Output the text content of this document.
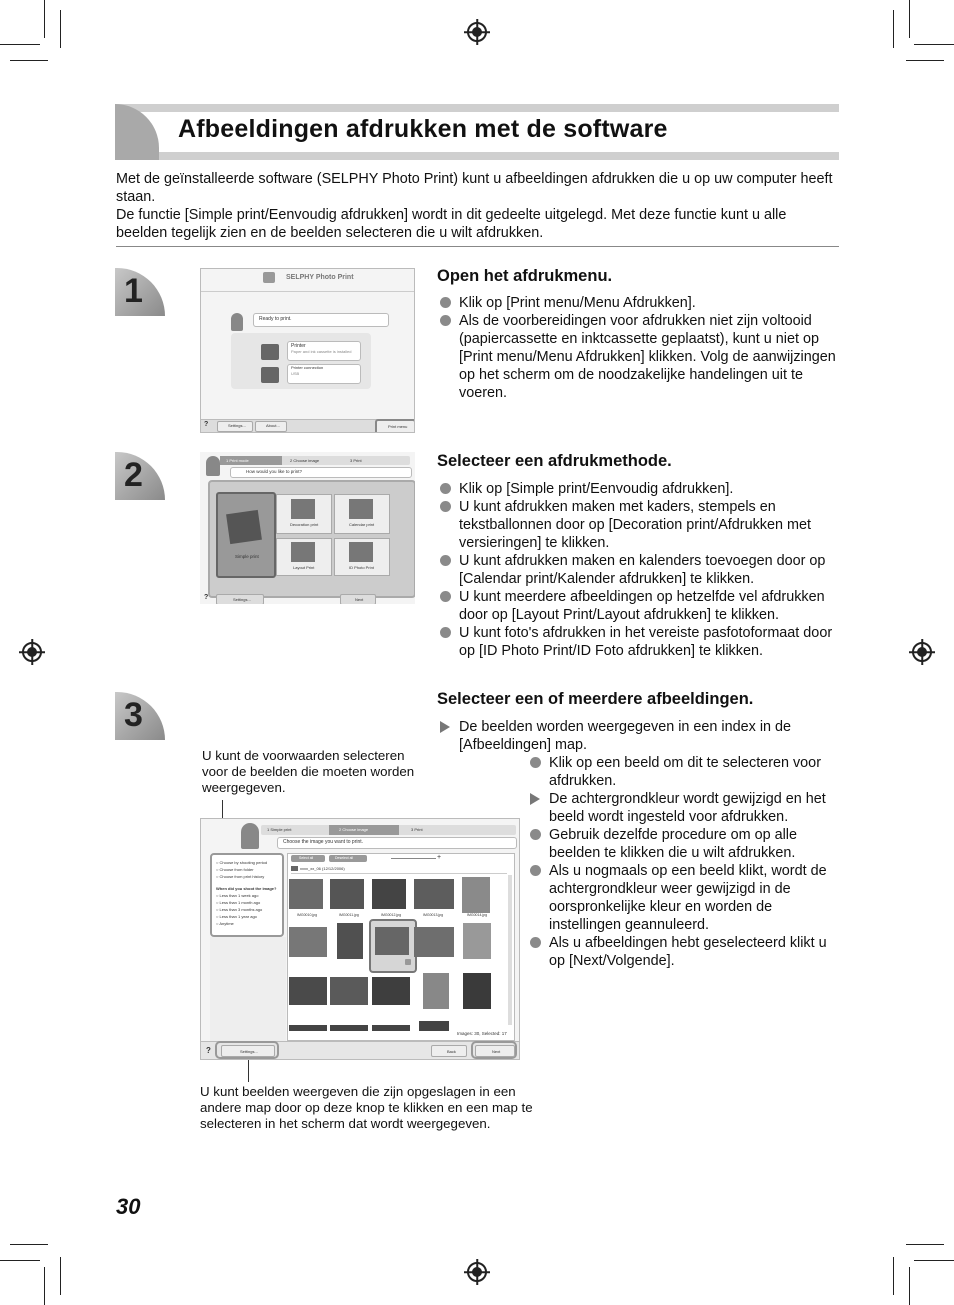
Afbeeldingen afdrukken met de software
Met de geïnstalleerde software (SELPHY Photo Print) kunt u afbeeldingen afdrukken die u op uw computer heeft staan.
De functie [Simple print/Eenvoudig afdrukken] wordt in dit gedeelte uitgelegd. Met deze functie kunt u alle beelden tegelijk zien en de beelden selecteren die u wilt afdrukken.
1	SELPHY Photo Print
Ready to print.
Printer
Paper and ink cassette is installed
Printer connection
USB
?	Settings...	About...	Print menu
Open het afdrukmenu.
Klik op [Print menu/Menu Afdrukken].
Als de voorbereidingen voor afdrukken niet zijn voltooid (papiercassette en inktcassette geplaatst), kunt u niet op [Print menu/Menu Afdrukken] klikken. Volg de aanwijzingen op het scherm om de noodzakelijke handelingen uit te voeren.
2	1 Print mode	2 Choose image	3 Print
How would you like to print?
Simple print
Decoration print	Calendar print
Layout Print	ID Photo Print
?	Settings...	Next
Selecteer een afdrukmethode.
Klik op [Simple print/Eenvoudig afdrukken].
U kunt afdrukken maken met kaders, stempels en tekstballonnen door op [Decoration print/Afdrukken met versieringen] te klikken.
U kunt afdrukken maken en kalenders toevoegen door op [Calendar print/Kalender afdrukken] te klikken.
U kunt meerdere afbeeldingen op hetzelfde vel afdrukken door op [Layout Print/Layout afdrukken] te klikken.
U kunt foto's afdrukken in het vereiste pasfotoformaat door op [ID Photo Print/ID Foto afdrukken] te klikken.
3	Selecteer een of meerdere afbeeldingen.
De beelden worden weergegeven in een index in de [Afbeeldingen] map.
Klik op een beeld om dit te selecteren voor afdrukken.
De achtergrondkleur wordt gewijzigd en het beeld wordt ingesteld voor afdrukken.
Gebruik dezelfde procedure om op alle beelden te klikken die u wilt afdrukken.
Als u nogmaals op een beeld klikt, wordt de achtergrondkleur weer gewijzigd in de oorspronkelijke kleur en worden de instellingen geannuleerd.
Als u afbeeldingen hebt geselecteerd klikt u op [Next/Volgende].
U kunt de voorwaarden selecteren voor de beelden die moeten worden weergegeven.
U kunt beelden weergeven die zijn opgeslagen in een andere map door op deze knop te klikken en een map te selecteren in het scherm dat wordt weergegeven.
1 Simple print	2 Choose image	3 Print
Choose the image you want to print.
○ Choose by shooting period
○ Choose from folder
○ Choose from print history
When did you shoot the image?
○ Less than 1 week ago
○ Less than 1 month ago
○ Less than 3 months ago
○ Less than 1 year ago
○ Anytime
Select all	Deselect all	+
xxxx_xx_06 (12/12/2006)
IMG0010.jpg	IMG0011.jpg	IMG0012.jpg	IMG0013.jpg	IMG0014.jpg
Images: 30, Selected: 17
?	Settings...	Back	Next
30
